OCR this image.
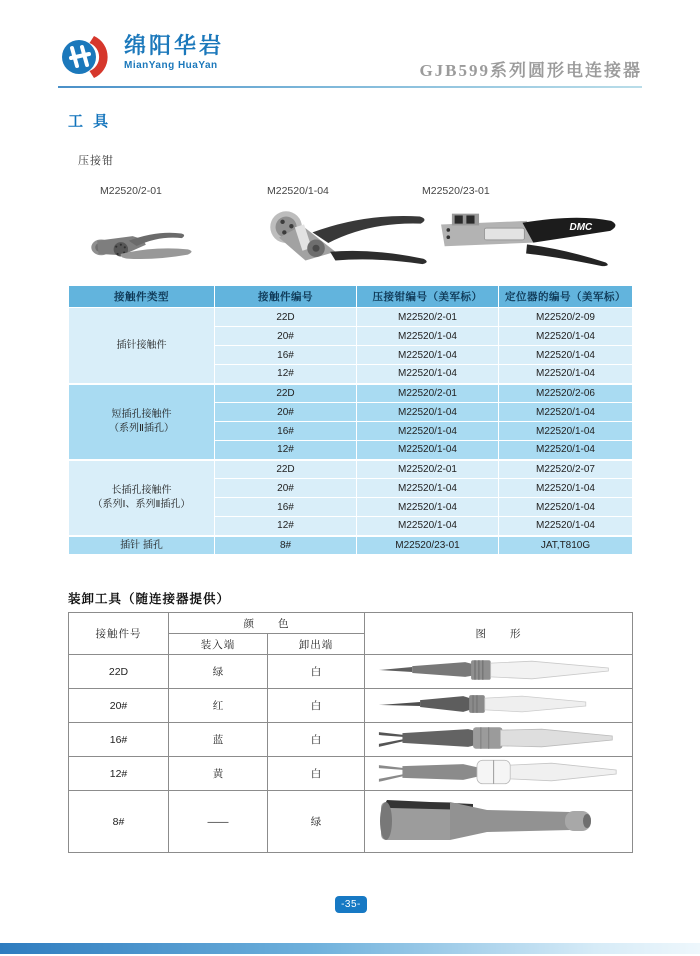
绵阳华岩
MianYang HuaYan	GJB599系列圆形电连接器
工 具
压接钳
M22520/2-01	M22520/1-04	M22520/23-01
DMC
接触件类型	接触件编号	压接钳编号（美军标）	定位器的编号（美军标）

插针接触件	22D	M22520/2-01	M22520/2-09
	20#	M22520/1-04	M22520/1-04
	16#	M22520/1-04	M22520/1-04
	12#	M22520/1-04	M22520/1-04

短插孔接触件
（系列Ⅱ插孔）	22D	M22520/2-01	M22520/2-06
	20#	M22520/1-04	M22520/1-04
	16#	M22520/1-04	M22520/1-04
	12#	M22520/1-04	M22520/1-04

长插孔接触件
（系列Ⅰ、系列Ⅱ插孔）	22D	M22520/2-01	M22520/2-07
	20#	M22520/1-04	M22520/1-04
	16#	M22520/1-04	M22520/1-04
	12#	M22520/1-04	M22520/1-04

插针 插孔	8#	M22520/23-01	JAT,T810G
装卸工具（随连接器提供）
接触件号	颜　　色		图　　形
	装入端	卸出端	
22D	绿	白	
20#	红	白	
16#	蓝	白	
12#	黄	白	
8#	——	绿	
-35-
